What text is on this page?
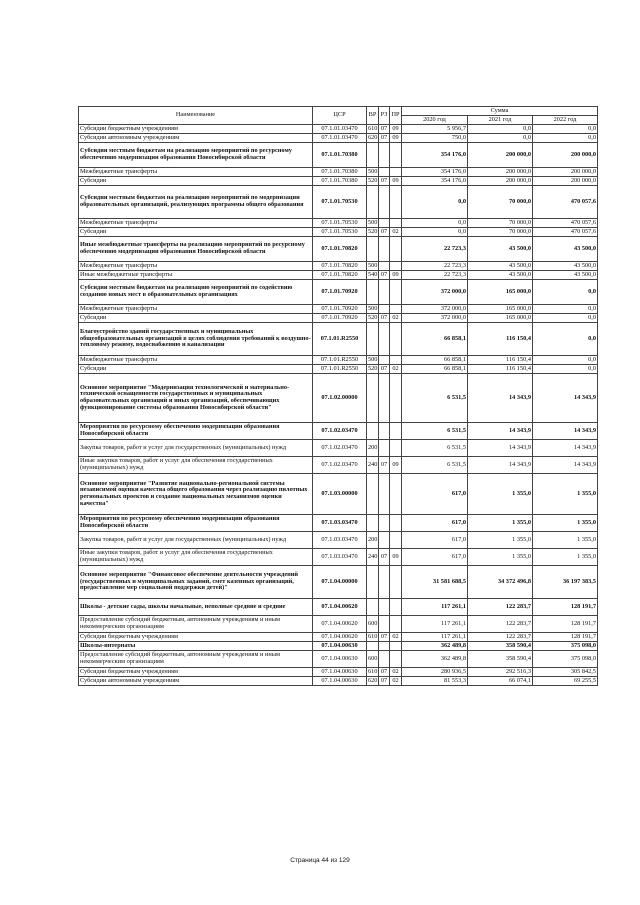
Наименование	ЦСР	ВР	РЗ	ПР	Сумма		
					2020 год	2021 год	2022 год
Субсидии бюджетным учреждениям	07.1.01.03470	610	07	09	5 956,7	0,0	0,0
Субсидии автономным учреждениям	07.1.01.03470	620	07	09	750,0	0,0	0,0
Субсидии местным бюджетам на реализацию мероприятий по ресурсному обеспечению модернизации образования Новосибирской области	07.1.01.70380				354 176,0	200 000,0	200 000,0
Межбюджетные трансферты	07.1.01.70380	500			354 176,0	200 000,0	200 000,0
Субсидии	07.1.01.70380	520	07	09	354 176,0	200 000,0	200 000,0
Субсидии местным бюджетам на реализацию мероприятий по модернизации образовательных организаций, реализующих программы общего образования	07.1.01.70530				0,0	70 000,0	470 057,6
Межбюджетные трансферты	07.1.01.70530	500			0,0	70 000,0	470 057,6
Субсидии	07.1.01.70530	520	07	02	0,0	70 000,0	470 057,6
Иные межбюджетные трансферты на реализацию мероприятий по ресурсному обеспечению модернизации образования Новосибирской области	07.1.01.70820				22 723,3	43 500,0	43 500,0
Межбюджетные трансферты	07.1.01.70820	500			22 723,3	43 500,0	43 500,0
Иные межбюджетные трансферты	07.1.01.70820	540	07	09	22 723,3	43 500,0	43 500,0
Субсидии местным бюджетам на реализацию мероприятий по содействию созданию новых мест в образовательных организациях	07.1.01.70920				372 000,0	165 000,0	0,0
Межбюджетные трансферты	07.1.01.70920	500			372 000,0	165 000,0	0,0
Субсидии	07.1.01.70920	520	07	02	372 000,0	165 000,0	0,0
Благоустройство зданий государственных и муниципальных общеобразовательных организаций в целях соблюдения требований к воздушно-тепловому режиму, водоснабжению и канализации	07.1.01.R2550				66 858,1	116 150,4	0,0
Межбюджетные трансферты	07.1.01.R2550	500			66 858,1	116 150,4	0,0
Субсидии	07.1.01.R2550	520	07	02	66 858,1	116 150,4	0,0
Основное мероприятие "Модернизация технологической и материально-технической оснащенности государственных и муниципальных образовательных организаций и иных организаций, обеспечивающих функционирование системы образования Новосибирской области"	07.1.02.00000				6 531,5	14 343,9	14 343,9
Мероприятия по ресурсному обеспечению модернизации образования Новосибирской области	07.1.02.03470				6 531,5	14 343,9	14 343,9
Закупка товаров, работ и услуг для государственных (муниципальных) нужд	07.1.02.03470	200			6 531,5	14 343,9	14 343,9
Иные закупки товаров, работ и услуг для обеспечения государственных (муниципальных) нужд	07.1.02.03470	240	07	09	6 531,5	14 343,9	14 343,9
Основное мероприятие "Развитие национально-региональной системы независимой оценки качества общего образования через реализацию пилотных региональных проектов и создание национальных механизмов оценки качества"	07.1.03.00000				617,0	1 355,0	1 355,0
Мероприятия по ресурсному обеспечению модернизации образования Новосибирской области	07.1.03.03470				617,0	1 355,0	1 355,0
Закупка товаров, работ и услуг для государственных (муниципальных) нужд	07.1.03.03470	200			617,0	1 355,0	1 355,0
Иные закупки товаров, работ и услуг для обеспечения государственных (муниципальных) нужд	07.1.03.03470	240	07	09	617,0	1 355,0	1 355,0
Основное мероприятие "Финансовое обеспечение деятельности учреждений (государственных и муниципальных заданий, смет казенных организаций, предоставление мер социальной поддержки детей)"	07.1.04.00000				31 581 688,5	34 372 496,8	36 197 383,5
Школы - детские сады, школы начальные, неполные средние и средние	07.1.04.00620				117 261,1	122 283,7	128 191,7
Предоставление субсидий бюджетным, автономным учреждениям и иным некоммерческим организациям	07.1.04.00620	600			117 261,1	122 283,7	128 191,7
Субсидии бюджетным учреждениям	07.1.04.00620	610	07	02	117 261,1	122 283,7	128 191,7
Школы-интернаты	07.1.04.00630				362 489,8	358 590,4	375 098,0
Предоставление субсидий бюджетным, автономным учреждениям и иным некоммерческим организациям	07.1.04.00630	600			362 489,8	358 590,4	375 098,0
Субсидии бюджетным учреждениям	07.1.04.00630	610	07	02	280 936,5	292 516,3	305 842,5
Субсидии автономным учреждениям	07.1.04.00630	620	07	02	81 553,3	66 074,1	69 255,5
Страница 44 из 129
